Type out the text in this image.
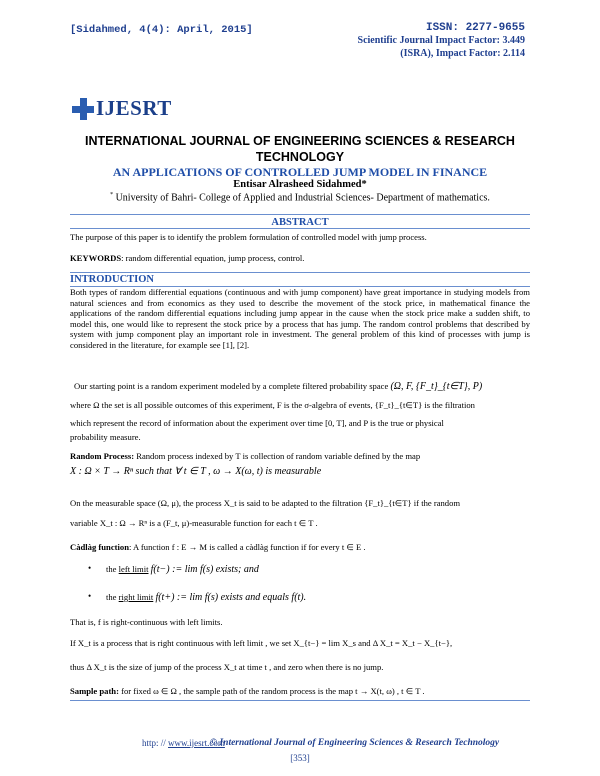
[Sidahmed, 4(4): April, 2015]	ISSN: 2277-9655
Scientific Journal Impact Factor: 3.449
(ISRA), Impact Factor: 2.114
IJESRT
INTERNATIONAL JOURNAL OF ENGINEERING SCIENCES & RESEARCH
TECHNOLOGY
AN APPLICATIONS OF CONTROLLED JUMP MODEL IN FINANCE
Entisar Alrasheed Sidahmed*
* University of Bahri- College of Applied and Industrial Sciences- Department of mathematics.
ABSTRACT
The purpose of this paper is to identify the problem formulation of controlled model with jump process.
KEYWORDS: random differential equation, jump process, control.
INTRODUCTION
Both types of random differential equations (continuous and with jump component) have great importance in studying models from natural sciences and from economics as they used to describe the movement of the stock price, in mathematical finance the applications of the random differential equations including jump appear in the cause when the stock price make a sudden shift, to model this, one would like to represent the stock price by a process that has jump. The random control problems that described by system with jump component play an important role in investment. The general problem of this kind of processes with jump is considered in the literature, for example see [1], [2].
Our starting point is a random experiment modeled by a complete filtered probability space (Ω, F, {F_t}_{t∈T}, P)
where Ω the set is all possible outcomes of this experiment, F is the σ-algebra of events, {F_t}_{t∈T} is the filtration
which represent the record of information about the experiment over time [0, T], and P is the true or physical
probability measure.
Random Process: Random process indexed by T is collection of random variable defined by the map
X : Ω × T → Rⁿ such that ∀ t ∈ T , ω → X(ω, t) is measurable
On the measurable space (Ω, μ), the process X_t is said to be adapted to the filtration {F_t}_{t∈T} if the random
variable X_t : Ω → Rⁿ is a (F_t, μ)-measurable function for each t ∈ T .
Càdlàg function: A function f : E → M is called a càdlàg function if for every t ∈ E .
• the left limit f(t−) := lim f(s) exists; and
• the right limit f(t+) := lim f(s) exists and equals f(t).
That is, f is right-continuous with left limits.
If X_t is a process that is right continuous with left limit , we set X_{t−} = lim X_s and Δ X_t = X_t − X_{t−},
thus Δ X_t is the size of jump of the process X_t at time t , and zero when there is no jump.
Sample path: for fixed ω ∈ Ω , the sample path of the random process is the map t → X(t, ω) , t ∈ T .
http: // www.ijesrt.com
© International Journal of Engineering Sciences & Research Technology
[353]
